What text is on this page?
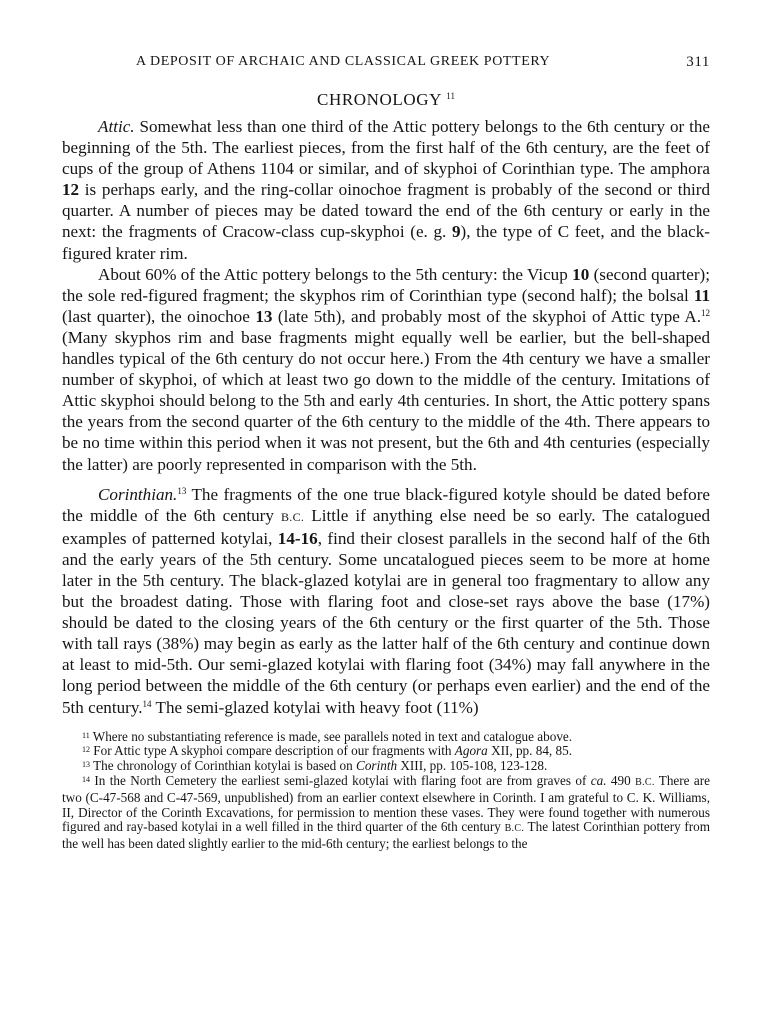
A DEPOSIT OF ARCHAIC AND CLASSICAL GREEK POTTERY	311
CHRONOLOGY $^{11}$

Attic. Somewhat less than one third of the Attic pottery belongs to the 6th century or the beginning of the 5th. The earliest pieces, from the first half of the 6th century, are the feet of cups of the group of Athens 1104 or similar, and of skyphoi of Corinthian type. The amphora 12 is perhaps early, and the ring-collar oinochoe fragment is probably of the second or third quarter. A number of pieces may be dated toward the end of the 6th century or early in the next: the fragments of Cracow-class cup-skyphoi (e. g. 9), the type of C feet, and the black-figured krater rim.

About 60% of the Attic pottery belongs to the 5th century: the Vicup 10 (second quarter); the sole red-figured fragment; the skyphos rim of Corinthian type (second half); the bolsal 11 (last quarter), the oinochoe 13 (late 5th), and probably most of the skyphoi of Attic type A.$^{12}$ (Many skyphos rim and base fragments might equally well be earlier, but the bell-shaped handles typical of the 6th century do not occur here.) From the 4th century we have a smaller number of skyphoi, of which at least two go down to the middle of the century. Imitations of Attic skyphoi should belong to the 5th and early 4th centuries. In short, the Attic pottery spans the years from the second quarter of the 6th century to the middle of the 4th. There appears to be no time within this period when it was not present, but the 6th and 4th centuries (especially the latter) are poorly represented in comparison with the 5th.

Corinthian.$^{13}$ The fragments of the one true black-figured kotyle should be dated before the middle of the 6th century B.C. Little if anything else need be so early. The catalogued examples of patterned kotylai, 14-16, find their closest parallels in the second half of the 6th and the early years of the 5th century. Some uncatalogued pieces seem to be more at home later in the 5th century. The black-glazed kotylai are in general too fragmentary to allow any but the broadest dating. Those with flaring foot and close-set rays above the base (17%) should be dated to the closing years of the 6th century or the first quarter of the 5th. Those with tall rays (38%) may begin as early as the latter half of the 6th century and continue down at least to mid-5th. Our semi-glazed kotylai with flaring foot (34%) may fall anywhere in the long period between the middle of the 6th century (or perhaps even earlier) and the end of the 5th century.$^{14}$ The semi-glazed kotylai with heavy foot (11%)

$^{11}$ Where no substantiating reference is made, see parallels noted in text and catalogue above.

$^{12}$ For Attic type A skyphoi compare description of our fragments with Agora XII, pp. 84, 85.

$^{13}$ The chronology of Corinthian kotylai is based on Corinth XIII, pp. 105-108, 123-128.

$^{14}$ In the North Cemetery the earliest semi-glazed kotylai with flaring foot are from graves of ca. 490 B.C. There are two (C-47-568 and C-47-569, unpublished) from an earlier context elsewhere in Corinth. I am grateful to C. K. Williams, II, Director of the Corinth Excavations, for permission to mention these vases. They were found together with numerous figured and ray-based kotylai in a well filled in the third quarter of the 6th century B.C. The latest Corinthian pottery from the well has been dated slightly earlier to the mid-6th century; the earliest belongs to the
